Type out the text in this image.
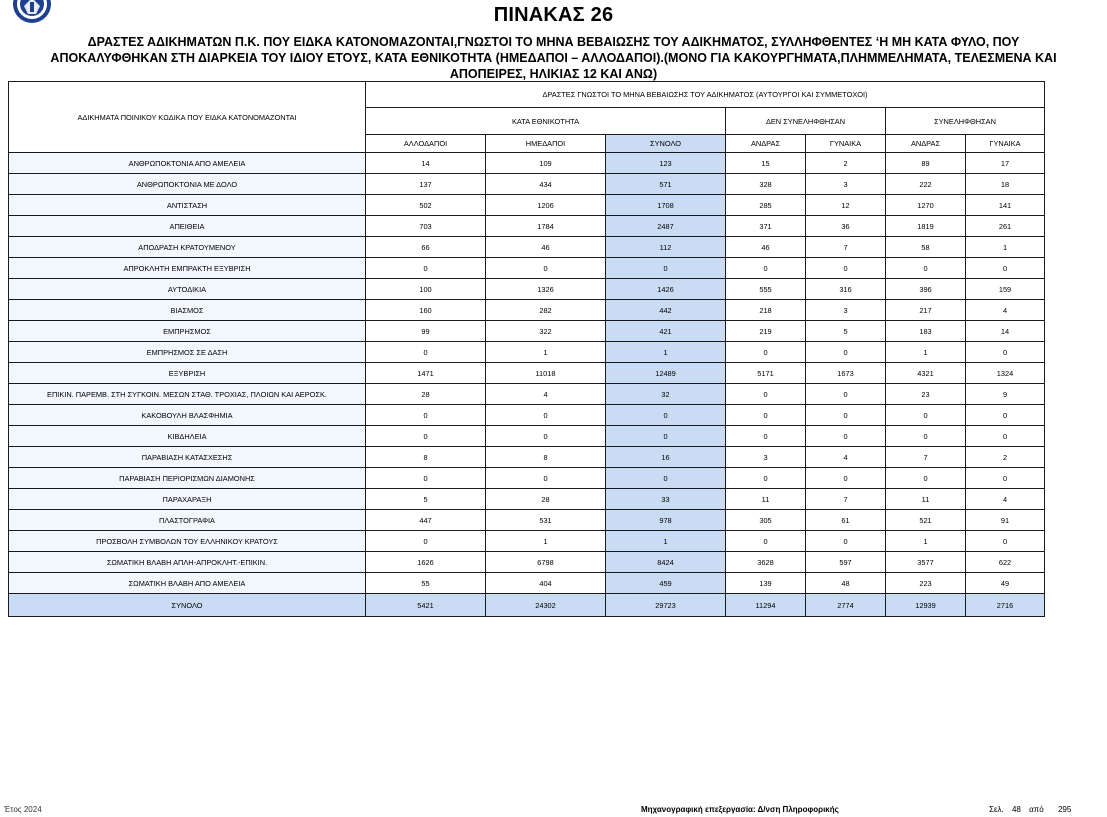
ΠΙΝΑΚΑΣ 26
ΔΡΑΣΤΕΣ ΑΔΙΚΗΜΑΤΩΝ Π.Κ. ΠΟΥ ΕΙΔΚΑ ΚΑΤΟΝΟΜΑΖΟΝΤΑΙ,ΓΝΩΣΤΟΙ ΤΟ ΜΗΝΑ ΒΕΒΑΙΩΣΗΣ ΤΟΥ ΑΔΙΚΗΜΑΤΟΣ, ΣΥΛΛΗΦΘΕΝΤΕΣ ‘Η ΜΗ ΚΑΤΑ ΦΥΛΟ, ΠΟΥ
ΑΠΟΚΑΛΥΦΘΗΚΑΝ ΣΤΗ ΔΙΑΡΚΕΙΑ ΤΟΥ ΙΔΙΟΥ ΕΤΟΥΣ, ΚΑΤΑ ΕΘΝΙΚΟΤΗΤΑ (ΗΜΕΔΑΠΟΙ – ΑΛΛΟΔΑΠΟΙ).(ΜΟΝΟ ΓΙΑ ΚΑΚΟΥΡΓΗΜΑΤΑ,ΠΛΗΜΜΕΛΗΜΑΤΑ, ΤΕΛΕΣΜΕΝΑ ΚΑΙ
ΑΠΟΠΕΙΡΕΣ, ΗΛΙΚΙΑΣ 12 ΚΑΙ ΑΝΩ)
ΑΔΙΚΗΜΑΤΑ ΠΟΙΝΙΚΟΥ ΚΩΔΙΚΑ ΠΟΥ ΕΙΔΚΑ ΚΑΤΟΝΟΜΑΖΟΝΤΑΙ	ΔΡΑΣΤΕΣ ΓΝΩΣΤΟΙ ΤΟ ΜΗΝΑ ΒΕΒΑΙΩΣΗΣ ΤΟΥ ΑΔΙΚΗΜΑΤΟΣ (ΑΥΤΟΥΡΓΟΙ ΚΑΙ ΣΥΜΜΕΤΟΧΟΙ)						
	ΚΑΤΑ ΕΘΝΙΚΟΤΗΤΑ			ΔΕΝ ΣΥΝΕΛΗΦΘΗΣΑΝ		ΣΥΝΕΛΗΦΘΗΣΑΝ	
	ΑΛΛΟΔΑΠΟΙ	ΗΜΕΔΑΠΟΙ	ΣΥΝΟΛΟ	ΑΝΔΡΑΣ	ΓΥΝΑΙΚΑ	ΑΝΔΡΑΣ	ΓΥΝΑΙΚΑ
ΑΝΘΡΩΠΟΚΤΟΝΙΑ ΑΠΟ ΑΜΕΛΕΙΑ	14	109	123	15	2	89	17
ΑΝΘΡΩΠΟΚΤΟΝΙΑ ΜΕ ΔΟΛΟ	137	434	571	328	3	222	18
ΑΝΤΙΣΤΑΣΗ	502	1206	1708	285	12	1270	141
ΑΠΕΙΘΕΙΑ	703	1784	2487	371	36	1819	261
ΑΠΟΔΡΑΣΗ ΚΡΑΤΟΥΜΕΝΟΥ	66	46	112	46	7	58	1
ΑΠΡΟΚΛΗΤΗ ΕΜΠΡΑΚΤΗ ΕΞΥΒΡΙΣΗ	0	0	0	0	0	0	0
ΑΥΤΟΔΙΚΙΑ	100	1326	1426	555	316	396	159
ΒΙΑΣΜΟΣ	160	282	442	218	3	217	4
ΕΜΠΡΗΣΜΟΣ	99	322	421	219	5	183	14
ΕΜΠΡΗΣΜΟΣ ΣΕ ΔΑΣΗ	0	1	1	0	0	1	0
ΕΞΥΒΡΙΣΗ	1471	11018	12489	5171	1673	4321	1324
ΕΠΙΚΙΝ. ΠΑΡΕΜΒ. ΣΤΗ ΣΥΓΚΟΙΝ. ΜΕΣΩΝ ΣΤΑΘ. ΤΡΟΧΙΑΣ, ΠΛΟΙΩΝ ΚΑΙ ΑΕΡΟΣΚ.	28	4	32	0	0	23	9
ΚΑΚΟΒΟΥΛΗ ΒΛΑΣΦΗΜΙΑ	0	0	0	0	0	0	0
ΚΙΒΔΗΛΕΙΑ	0	0	0	0	0	0	0
ΠΑΡΑΒΙΑΣΗ ΚΑΤΑΣΧΕΣΗΣ	8	8	16	3	4	7	2
ΠΑΡΑΒΙΑΣΗ ΠΕΡΙΟΡΙΣΜΩΝ ΔΙΑΜΟΝΗΣ	0	0	0	0	0	0	0
ΠΑΡΑΧΑΡΑΞΗ	5	28	33	11	7	11	4
ΠΛΑΣΤΟΓΡΑΦΙΑ	447	531	978	305	61	521	91
ΠΡΟΣΒΟΛΗ ΣΥΜΒΟΛΩΝ ΤΟΥ ΕΛΛΗΝΙΚΟΥ ΚΡΑΤΟΥΣ	0	1	1	0	0	1	0
ΣΩΜΑΤΙΚΗ ΒΛΑΒΗ ΑΠΛΗ-ΑΠΡΟΚΛΗΤ.-ΕΠΙΚΙΝ.	1626	6798	8424	3628	597	3577	622
ΣΩΜΑΤΙΚΗ ΒΛΑΒΗ ΑΠΟ ΑΜΕΛΕΙΑ	55	404	459	139	48	223	49
ΣΥΝΟΛΟ	5421	24302	29723	11294	2774	12939	2716
Έτος 2024	Μηχανογραφική επεξεργασία: Δ/νση Πληροφορικής	Σελ. 48 από 295
